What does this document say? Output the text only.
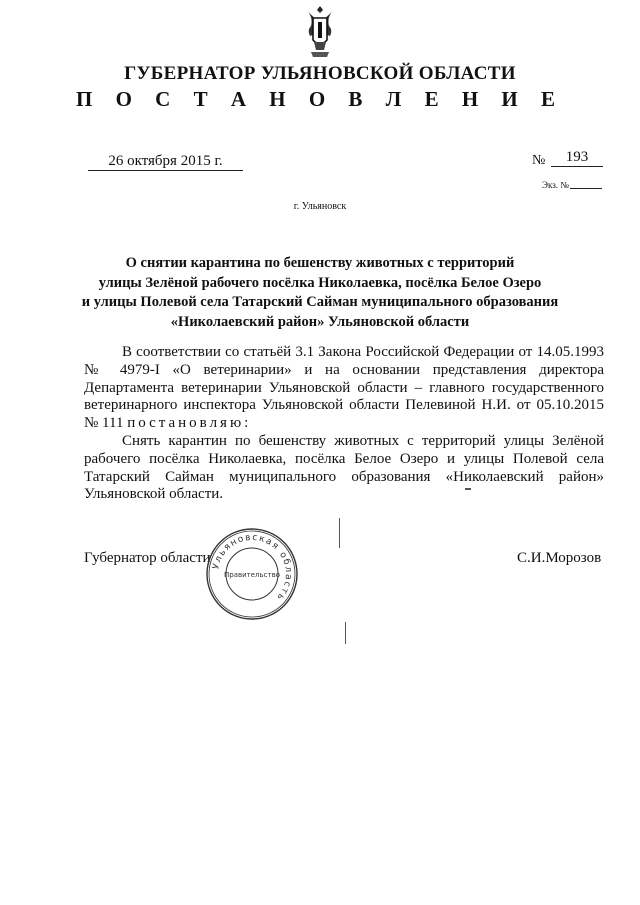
ГУБЕРНАТОР УЛЬЯНОВСКОЙ ОБЛАСТИ
П О С Т А Н О В Л Е Н И Е
26 октября 2015 г.	№	193
Экз. №
г. Ульяновск
О снятии карантина по бешенству животных с территорий
улицы Зелёной рабочего посёлка Николаевка, посёлка Белое Озеро
и улицы Полевой села Татарский Сайман муниципального образования
«Николаевский район» Ульяновской области

В соответствии со статьёй 3.1 Закона Российской Федерации от 14.05.1993 № 4979-I «О ветеринарии» и на основании представления директора Департамента ветеринарии Ульяновской области – главного государственного ветеринарного инспектора Ульяновской области Пелевиной Н.И. от 05.10.2015 № 111 постановляю:

Снять карантин по бешенству животных с территорий улицы Зелёной рабочего посёлка Николаевка, посёлка Белое Озеро и улицы Полевой села Татарский Сайман муниципального образования «Николаевский район» Ульяновской области.

Губернатор области	С.И.Морозов
Ульяновская область
Правительство
